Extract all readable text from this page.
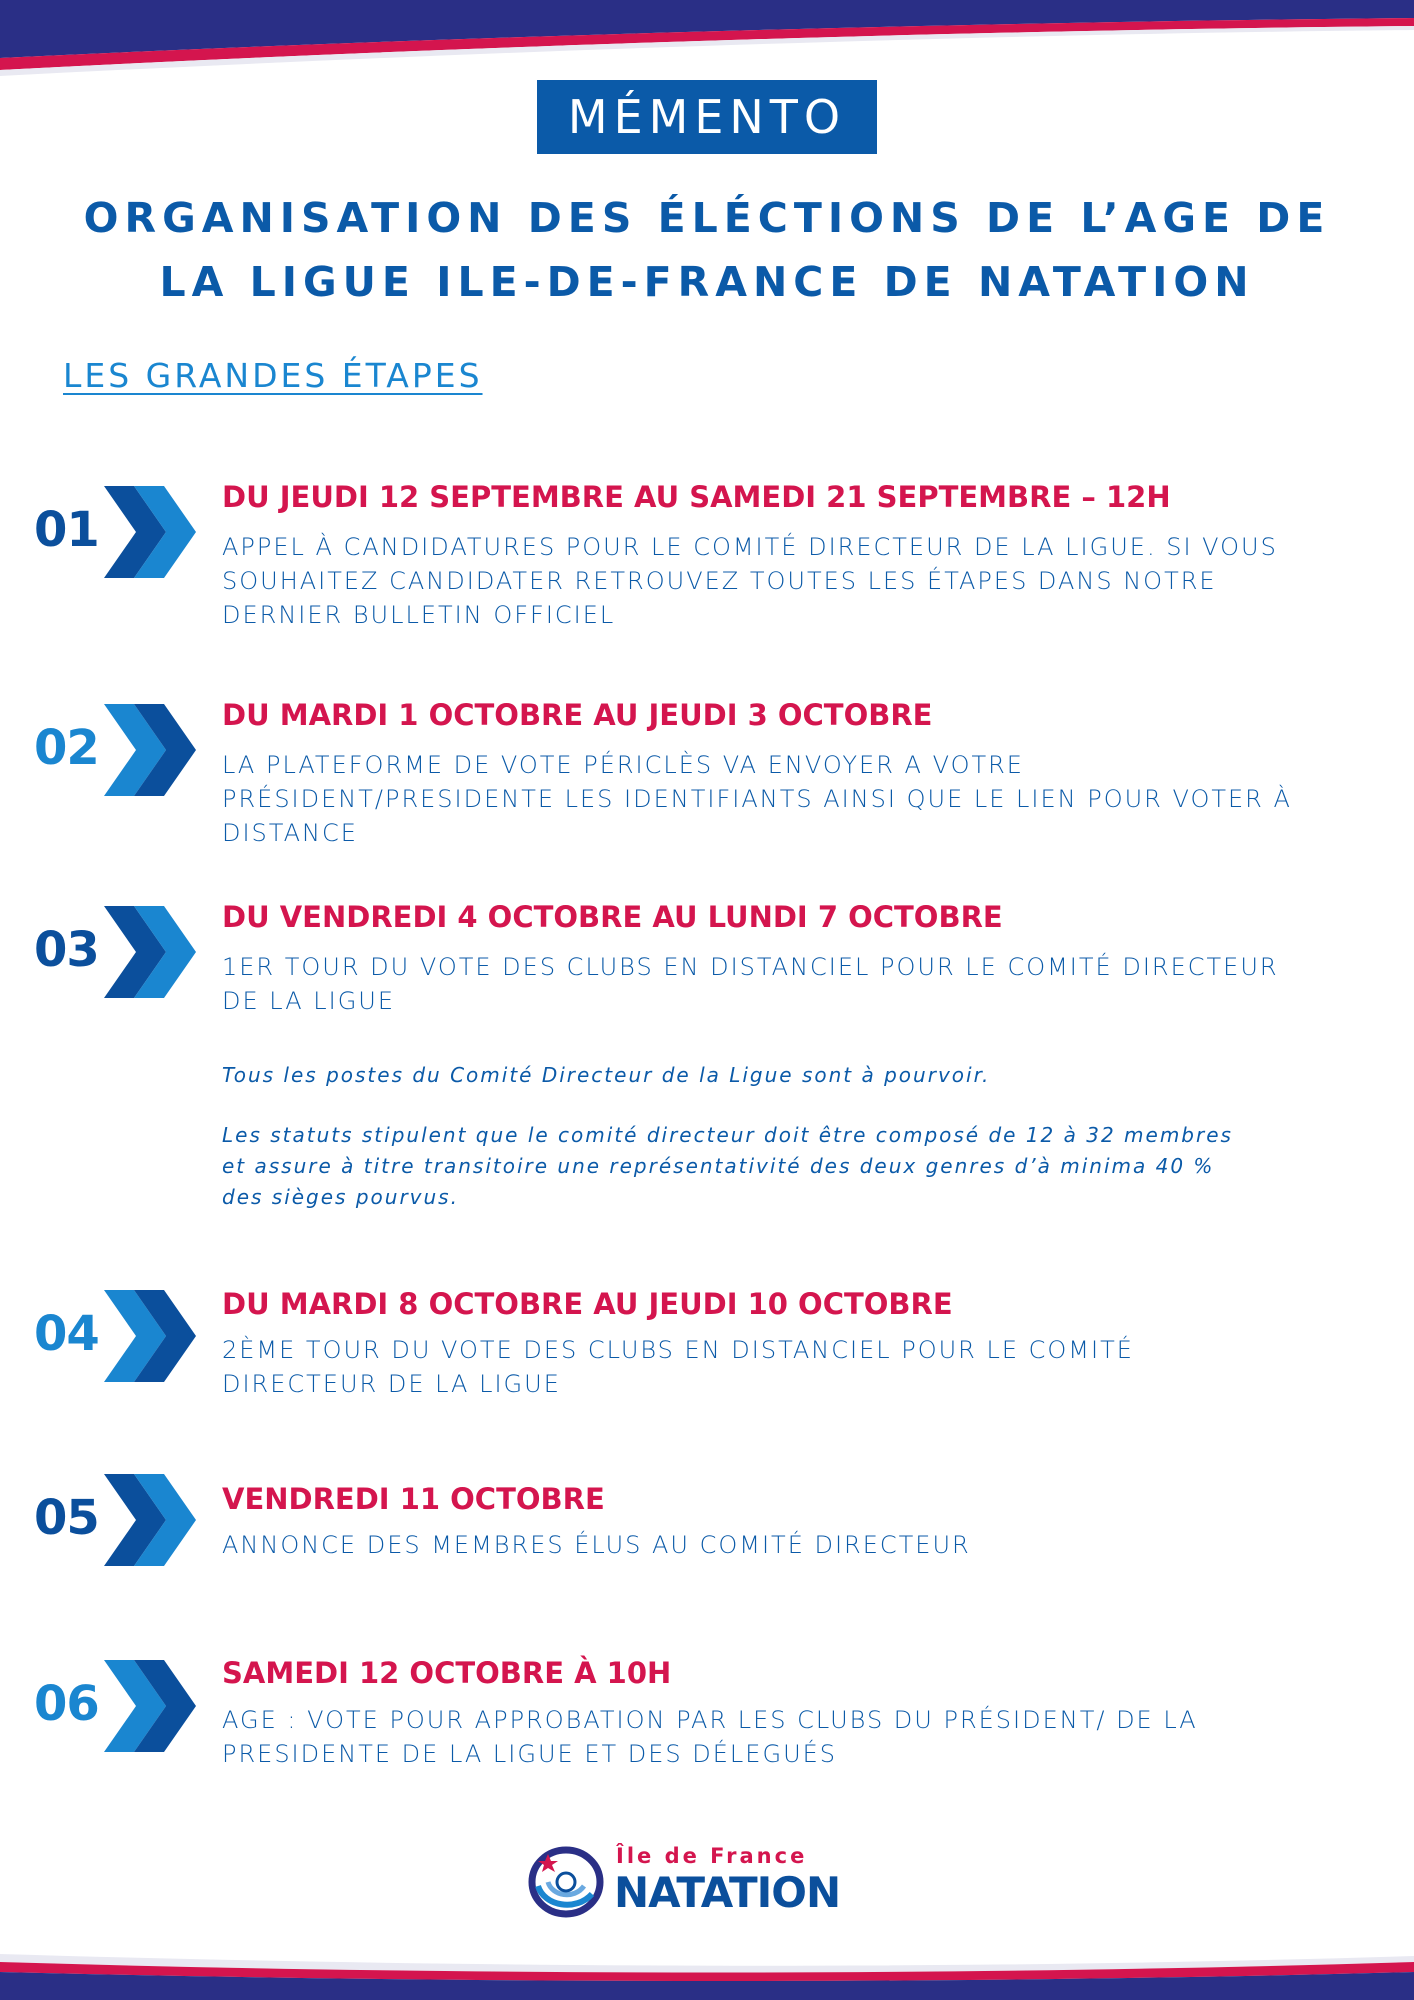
MÉMENTO
ORGANISATION DES ÉLÉCTIONS DE L’AGE DE
LA LIGUE ILE-DE-FRANCE DE NATATION
LES GRANDES ÉTAPES
01
DU JEUDI 12 SEPTEMBRE AU SAMEDI 21 SEPTEMBRE – 12H
APPEL À CANDIDATURES POUR LE COMITÉ DIRECTEUR DE LA LIGUE. SI VOUS
SOUHAITEZ CANDIDATER RETROUVEZ TOUTES LES ÉTAPES DANS NOTRE
DERNIER BULLETIN OFFICIEL
02
DU MARDI 1 OCTOBRE AU JEUDI 3 OCTOBRE
LA PLATEFORME DE VOTE PÉRICLÈS VA ENVOYER A VOTRE
PRÉSIDENT/PRESIDENTE LES IDENTIFIANTS AINSI QUE LE LIEN POUR VOTER À
DISTANCE
03
DU VENDREDI 4 OCTOBRE AU LUNDI 7 OCTOBRE
1ER TOUR DU VOTE DES CLUBS EN DISTANCIEL POUR LE COMITÉ DIRECTEUR
DE LA LIGUE
Tous les postes du Comité Directeur de la Ligue sont à pourvoir.
Les statuts stipulent que le comité directeur doit être composé de 12 à 32 membres
et assure à titre transitoire une représentativité des deux genres d’à minima 40 %
des sièges pourvus.
04
DU MARDI 8 OCTOBRE AU JEUDI 10 OCTOBRE
2ÈME TOUR DU VOTE DES CLUBS EN DISTANCIEL POUR LE COMITÉ
DIRECTEUR DE LA LIGUE
05	VENDREDI 11 OCTOBRE
ANNONCE DES MEMBRES ÉLUS AU COMITÉ DIRECTEUR
06
SAMEDI 12 OCTOBRE À 10H
AGE : VOTE POUR APPROBATION PAR LES CLUBS DU PRÉSIDENT/ DE LA
PRESIDENTE DE LA LIGUE ET DES DÉLEGUÉS
Île de France
NATATION
